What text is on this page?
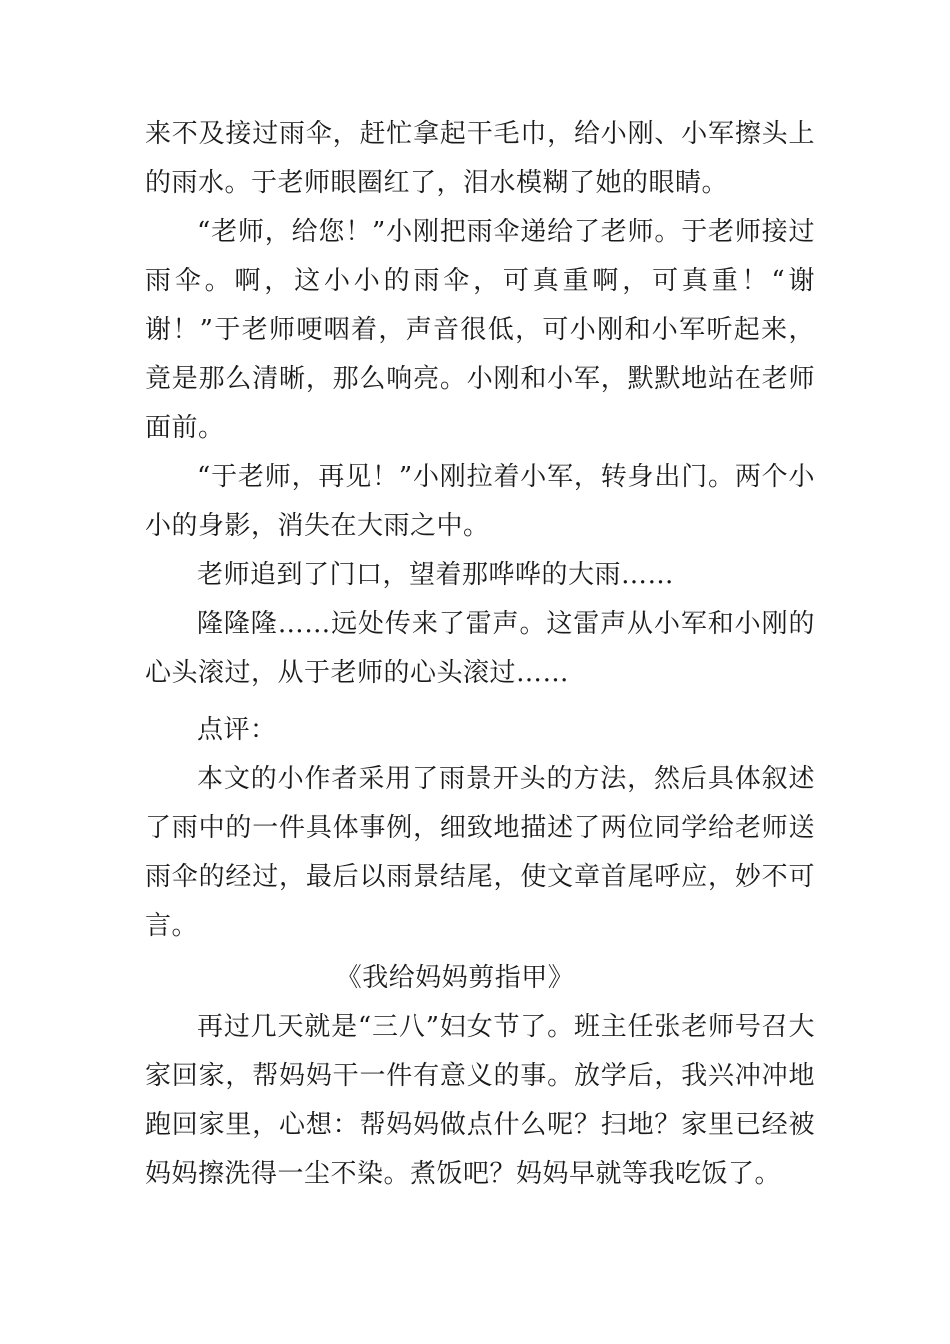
来不及接过雨伞，赶忙拿起干毛巾，给小刚、小军擦头上的雨水。于老师眼圈红了，泪水模糊了她的眼睛。

“老师，给您！”小刚把雨伞递给了老师。于老师接过雨伞。啊，这小小的雨伞，可真重啊，可真重！“谢谢！”于老师哽咽着，声音很低，可小刚和小军听起来，竟是那么清晰，那么响亮。小刚和小军，默默地站在老师面前。

“于老师，再见！”小刚拉着小军，转身出门。两个小小的身影，消失在大雨之中。

老师追到了门口，望着那哗哗的大雨……

隆隆隆……远处传来了雷声。这雷声从小军和小刚的心头滚过，从于老师的心头滚过……

点评：

本文的小作者采用了雨景开头的方法，然后具体叙述了雨中的一件具体事例，细致地描述了两位同学给老师送雨伞的经过，最后以雨景结尾，使文章首尾呼应，妙不可言。

《我给妈妈剪指甲》

再过几天就是“三八”妇女节了。班主任张老师号召大家回家，帮妈妈干一件有意义的事。放学后，我兴冲冲地跑回家里，心想：帮妈妈做点什么呢？扫地？家里已经被妈妈擦洗得一尘不染。煮饭吧？妈妈早就等我吃饭了。
